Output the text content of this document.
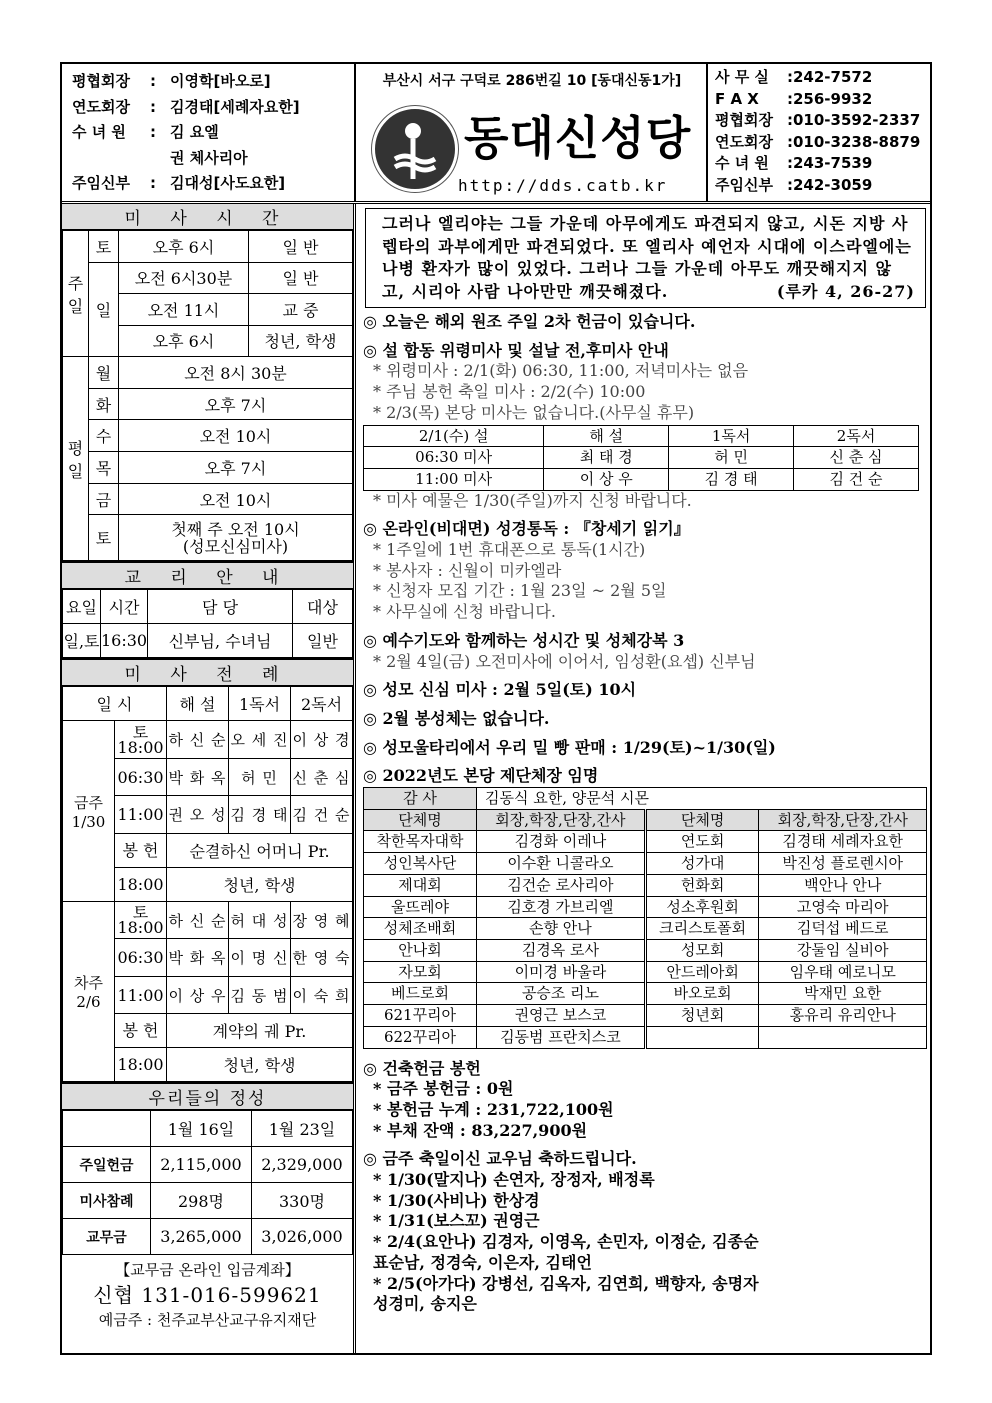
평협회장	: 이영학[바오로]
연도회장	: 김경태[세례자요한]
수 녀 원	: 김 요엘
권 체사리아
주임신부	: 김대성[사도요한]
부산시 서구 구덕로 286번길 10 [동대신동1가]
동대신성당
http://dds.catb.kr
사 무 실	:242-7572
F A X	:256-9932
평협회장 :010-3592-2337
연도회장 :010-3238-8879
수 녀 원	:243-7539
주임신부 :242-3059
미 사 시 간
주일	토	오후 6시	일 반
	일	오전 6시30분	일 반
		오전 11시	교 중
		오후 6시	청년, 학생
평일	월	오전 8시 30분	
	화	오후 7시	
	수	오전 10시	
	목	오후 7시	
	금	오전 10시	
	토	첫째 주 오전 10시
(성모신심미사)	
교 리 안 내
요일	시간	담 당	대상
일,토	16:30	신부님, 수녀님	일반
미 사 전 례
일 시		해 설	1독서	2독서
금주
1/30	토
18:00	하 신 순	오 세 진	이 상 경
	06:30	박 화 옥	허 민	신 춘 심
	11:00	권 오 성	김 경 태	김 건 순
	봉 헌	순결하신 어머니 Pr.		
	18:00	청년, 학생		
차주
2/6	토
18:00	하 신 순	허 대 성	장 영 혜
	06:30	박 화 옥	이 명 신	한 영 숙
	11:00	이 상 우	김 동 범	이 숙 희
	봉 헌	계약의 궤 Pr.		
	18:00	청년, 학생		
우리들의 정성
	1월 16일	1월 23일
주일헌금	2,115,000	2,329,000
미사참례	298명	330명
교무금	3,265,000	3,026,000
【교무금 온라인 입금계좌】
신협 131-016-599621
예금주 : 천주교부산교구유지재단
그러나 엘리야는 그들 가운데 아무에게도 파견되지 않고, 시돈 지방 사렙타의 과부에게만 파견되었다. 또 엘리사 예언자 시대에 이스라엘에는 나병 환자가 많이 있었다. 그러나 그들 가운데 아무도 깨끗해지지 않고, 시리아 사람 나아만만 깨끗해졌다.	(루카 4, 26-27)
◎ 오늘은 해외 원조 주일 2차 헌금이 있습니다.
◎ 설 합동 위령미사 및 설날 전,후미사 안내
* 위령미사 : 2/1(화) 06:30, 11:00, 저녁미사는 없음
* 주님 봉헌 축일 미사 : 2/2(수) 10:00
* 2/3(목) 본당 미사는 없습니다.(사무실 휴무)
2/1(수) 설	해 설	1독서	2독서
06:30 미사	최 태 경	허 민	신 춘 심
11:00 미사	이 상 우	김 경 태	김 건 순
* 미사 예물은 1/30(주일)까지 신청 바랍니다.
◎ 온라인(비대면) 성경통독 : 『창세기 읽기』
* 1주일에 1번 휴대폰으로 통독(1시간)
* 봉사자 : 신월이 미카엘라
* 신청자 모집 기간 : 1월 23일 ~ 2월 5일
* 사무실에 신청 바랍니다.
◎ 예수기도와 함께하는 성시간 및 성체강복 3
* 2월 4일(금) 오전미사에 이어서, 임성환(요셉) 신부님
◎ 성모 신심 미사 : 2월 5일(토) 10시
◎ 2월 봉성체는 없습니다.
◎ 성모울타리에서 우리 밀 빵 판매 : 1/29(토)~1/30(일)
◎ 2022년도 본당 제단체장 임명
감 사	김동식 요한, 양문석 시몬		
단체명	회장,학장,단장,간사	단체명	회장,학장,단장,간사
착한목자대학	김경화 이레나	연도회	김경태 세례자요한
성인복사단	이수환 니콜라오	성가대	박진성 플로렌시아
제대회	김건순 로사리아	헌화회	백안나 안나
울뜨레야	김호경 가브리엘	성소후원회	고영숙 마리아
성체조배회	손향 안나	크리스토폴회	김덕섭 베드로
안나회	김경옥 로사	성모회	강둘임 실비아
자모회	이미경 바울라	안드레아회	임우태 예로니모
베드로회	공승조 리노	바오로회	박재민 요한
621꾸리아	권영근 보스코	청년회	홍유리 유리안나
622꾸리아	김동범 프란치스코		
◎ 건축헌금 봉헌
* 금주 봉헌금 : 0원
* 봉헌금 누계 : 231,722,100원
* 부채 잔액 : 83,227,900원
◎ 금주 축일이신 교우님 축하드립니다.
* 1/30(말지나) 손연자, 장정자, 배정록
* 1/30(사비나) 한상경
* 1/31(보스꼬) 권영근
* 2/4(요안나) 김경자, 이영옥, 손민자, 이정순, 김종순
표순남, 정경숙, 이은자, 김태언
* 2/5(아가다) 강병선, 김옥자, 김연희, 백향자, 송명자
성경미, 송지은
